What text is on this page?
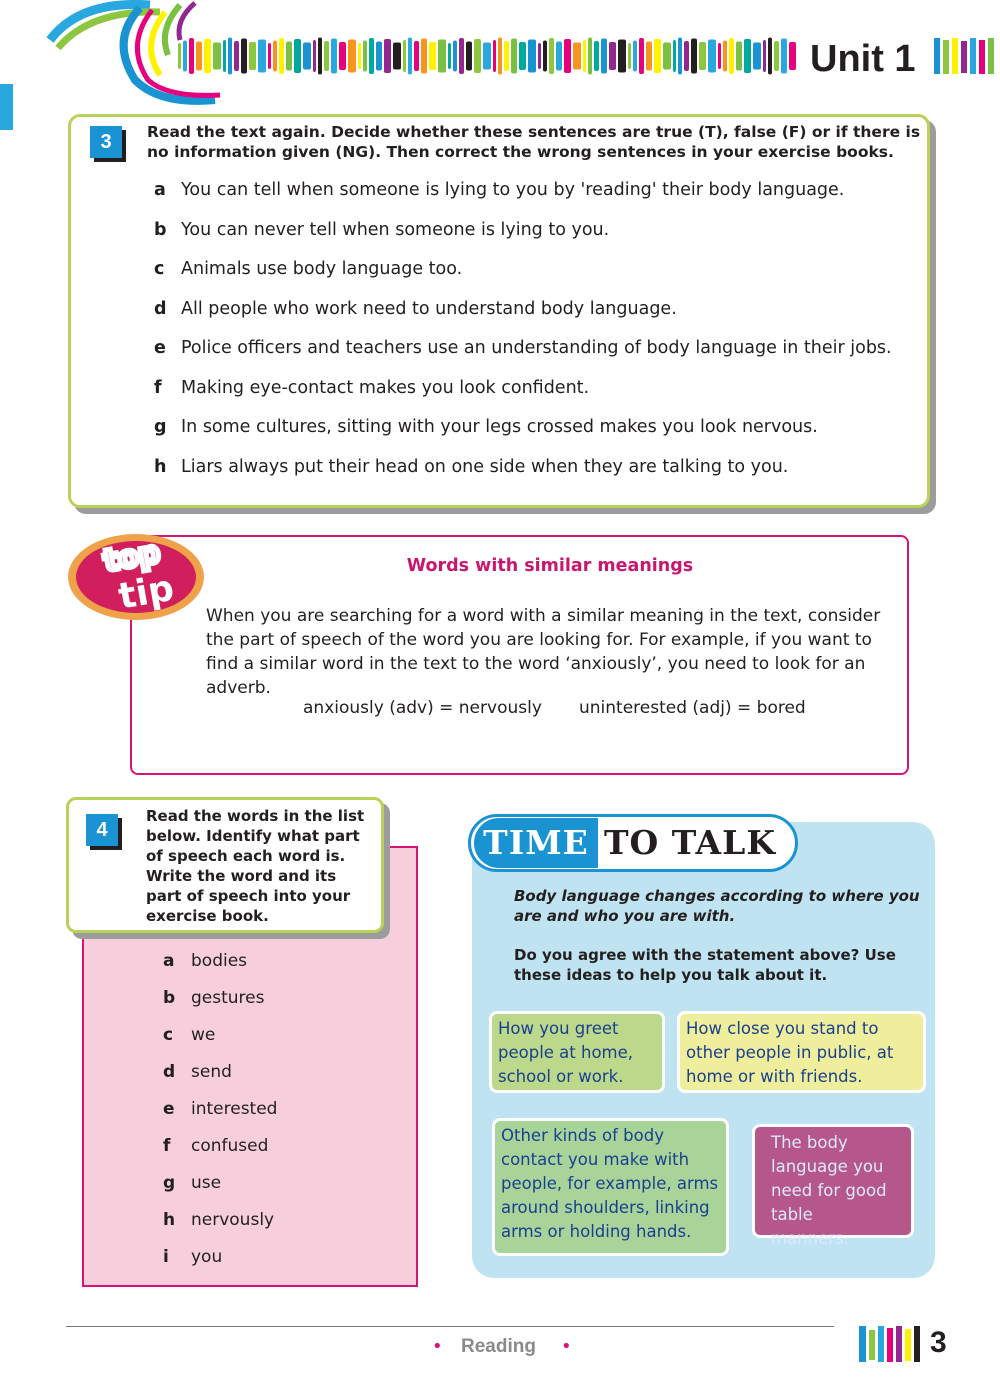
Unit 1
3	Read the text again. Decide whether these sentences are true (T), false (F) or if there is no information given (NG). Then correct the wrong sentences in your exercise books.
a You can tell when someone is lying to you by 'reading' their body language.
b You can never tell when someone is lying to you.
c Animals use body language too.
d All people who work need to understand body language.
e Police officers and teachers use an understanding of body language in their jobs.
f Making eye-contact makes you look confident.
g In some cultures, sitting with your legs crossed makes you look nervous.
h Liars always put their head on one side when they are talking to you.
top
tip
Words with similar meanings
When you are searching for a word with a similar meaning in the text, consider the part of speech of the word you are looking for. For example, if you want to find a similar word in the text to the word ‘anxiously’, you need to look for an adverb.
anxiously (adv) = nervously uninterested (adj) = bored
4
Read the words in the list below. Identify what part of speech each word is. Write the word and its part of speech into your exercise book.
a bodies
b gestures
c we
d send
e interested
f confused
g use
h nervously
i you
TIME TO TALK
Body language changes according to where you are and who you are with.
Do you agree with the statement above? Use these ideas to help you talk about it.
How you greet people at home, school or work.
How close you stand to other people in public, at home or with friends.
Other kinds of body contact you make with people, for example, arms around shoulders, linking arms or holding hands.
The body language you need for good table manners.
• Reading •	3
